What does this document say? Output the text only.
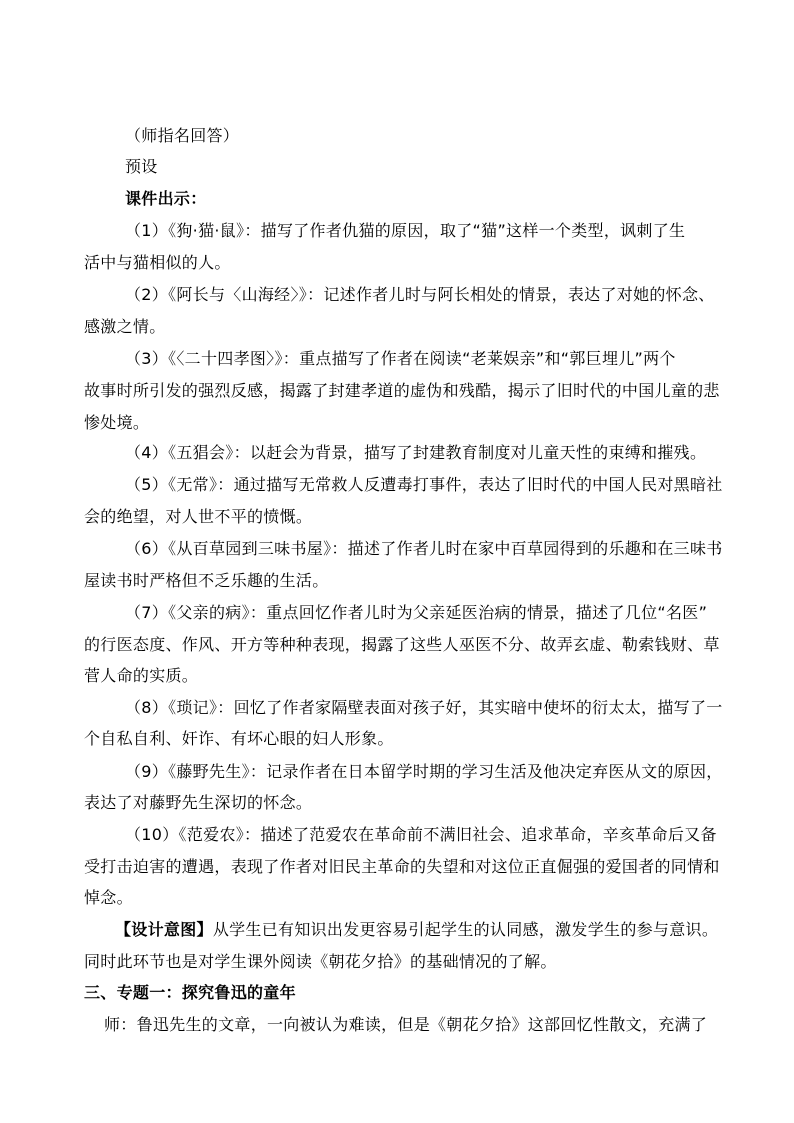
（师指名回答）
预设
课件出示：
（1）《狗·猫·鼠》：描写了作者仇猫的原因，取了“猫”这样一个类型，讽刺了生
活中与猫相似的人。
（2）《阿长与〈山海经〉》：记述作者儿时与阿长相处的情景，表达了对她的怀念、
感激之情。
（3）《〈二十四孝图〉》：重点描写了作者在阅读“老莱娱亲”和“郭巨埋儿”两个
故事时所引发的强烈反感，揭露了封建孝道的虚伪和残酷，揭示了旧时代的中国儿童的悲
惨处境。
（4）《五猖会》：以赶会为背景，描写了封建教育制度对儿童天性的束缚和摧残。
（5）《无常》：通过描写无常救人反遭毒打事件，表达了旧时代的中国人民对黑暗社
会的绝望，对人世不平的愤慨。
（6）《从百草园到三味书屋》：描述了作者儿时在家中百草园得到的乐趣和在三味书
屋读书时严格但不乏乐趣的生活。
（7）《父亲的病》：重点回忆作者儿时为父亲延医治病的情景，描述了几位“名医”
的行医态度、作风、开方等种种表现，揭露了这些人巫医不分、故弄玄虚、勒索钱财、草
菅人命的实质。
（8）《琐记》：回忆了作者家隔壁表面对孩子好，其实暗中使坏的衍太太，描写了一
个自私自利、奸诈、有坏心眼的妇人形象。
（9）《藤野先生》：记录作者在日本留学时期的学习生活及他决定弃医从文的原因，
表达了对藤野先生深切的怀念。
（10）《范爱农》：描述了范爱农在革命前不满旧社会、追求革命，辛亥革命后又备
受打击迫害的遭遇，表现了作者对旧民主革命的失望和对这位正直倔强的爱国者的同情和
悼念。
【设计意图】从学生已有知识出发更容易引起学生的认同感，激发学生的参与意识。
同时此环节也是对学生课外阅读《朝花夕拾》的基础情况的了解。
三、专题一：探究鲁迅的童年
师：鲁迅先生的文章，一向被认为难读，但是《朝花夕拾》这部回忆性散文，充满了
